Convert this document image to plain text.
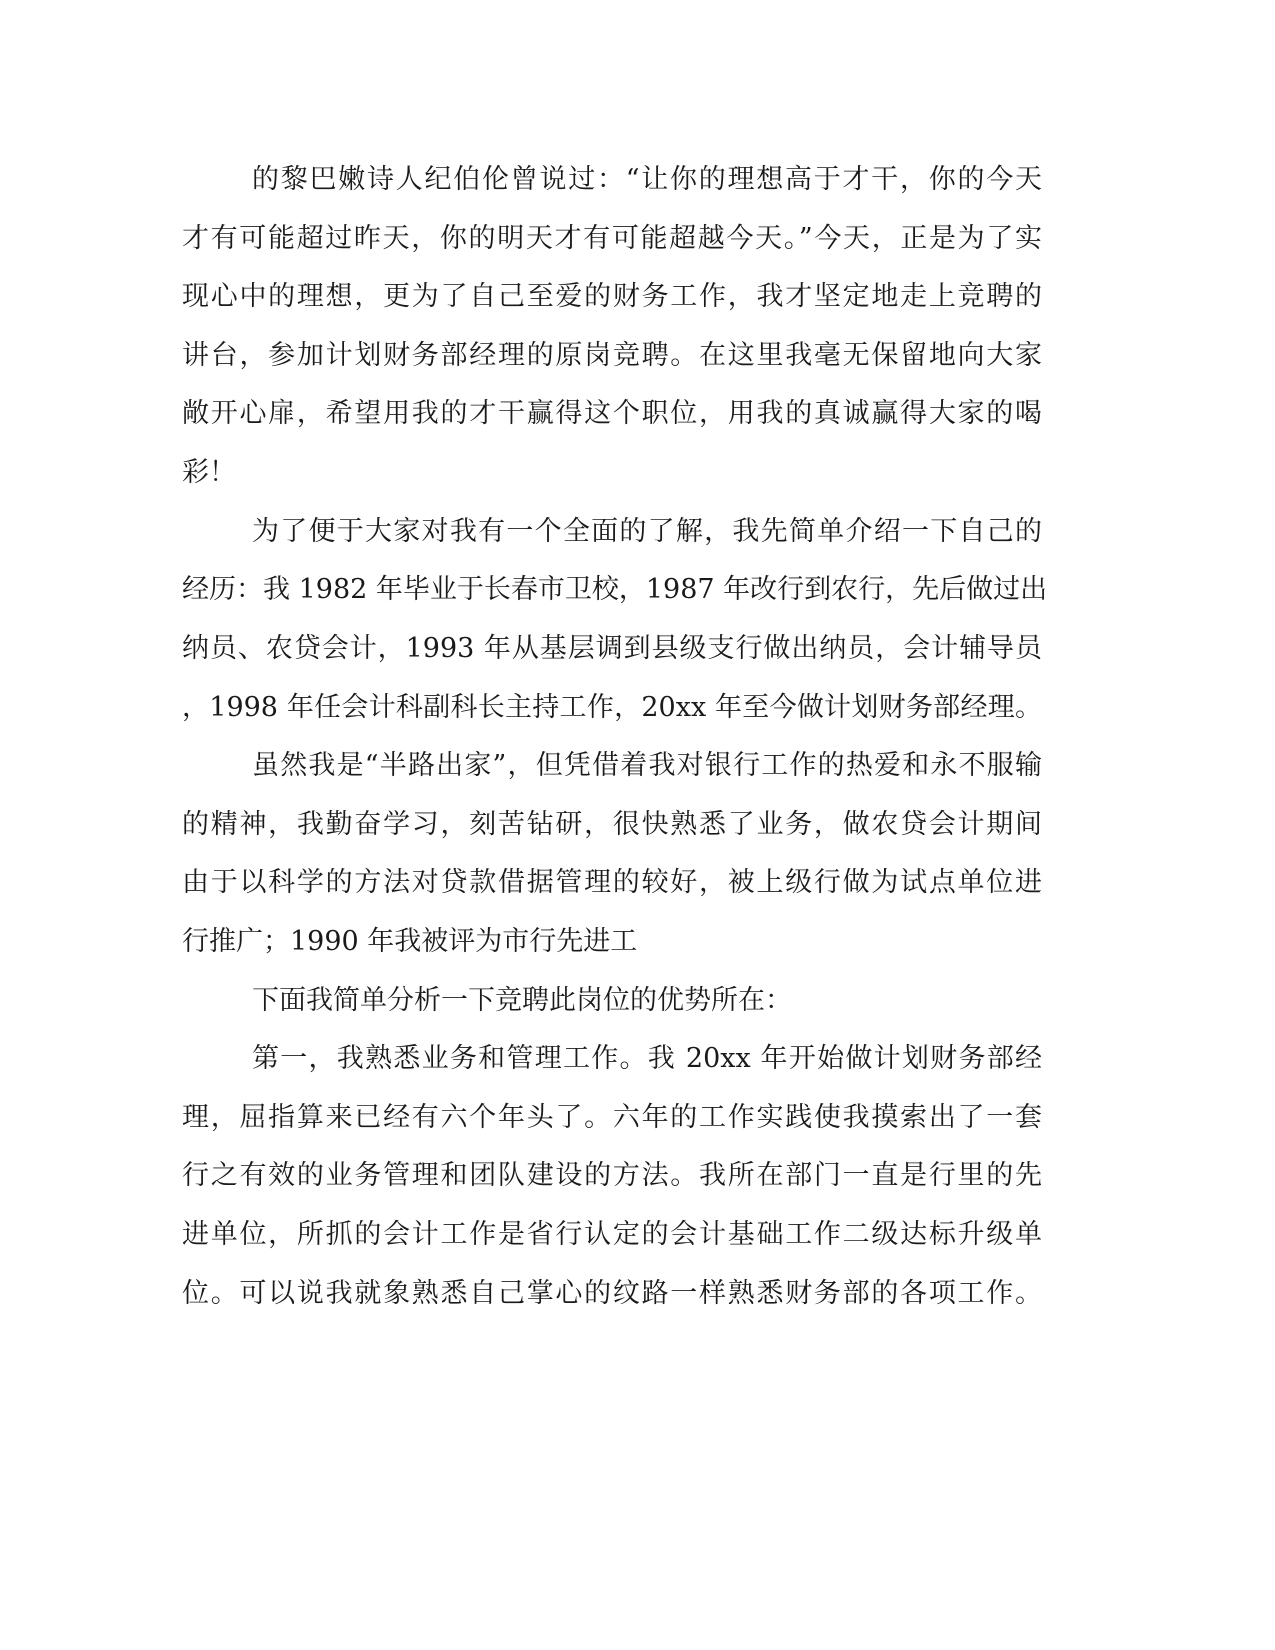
的黎巴嫩诗人纪伯伦曾说过：“让你的理想高于才干，你的今天
才有可能超过昨天，你的明天才有可能超越今天。”今天，正是为了实
现心中的理想，更为了自己至爱的财务工作，我才坚定地走上竞聘的
讲台，参加计划财务部经理的原岗竞聘。在这里我毫无保留地向大家
敞开心扉，希望用我的才干赢得这个职位，用我的真诚赢得大家的喝
彩！
为了便于大家对我有一个全面的了解，我先简单介绍一下自己的
经历：我 1982 年毕业于长春市卫校，1987 年改行到农行，先后做过出
纳员、农贷会计，1993 年从基层调到县级支行做出纳员，会计辅导员
，1998 年任会计科副科长主持工作，20xx 年至今做计划财务部经理。
虽然我是“半路出家”，但凭借着我对银行工作的热爱和永不服输
的精神，我勤奋学习，刻苦钻研，很快熟悉了业务，做农贷会计期间
由于以科学的方法对贷款借据管理的较好，被上级行做为试点单位进
行推广；1990 年我被评为市行先进工
下面我简单分析一下竞聘此岗位的优势所在：
第一，我熟悉业务和管理工作。我 20xx 年开始做计划财务部经
理，屈指算来已经有六个年头了。六年的工作实践使我摸索出了一套
行之有效的业务管理和团队建设的方法。我所在部门一直是行里的先
进单位，所抓的会计工作是省行认定的会计基础工作二级达标升级单
位。可以说我就象熟悉自己掌心的纹路一样熟悉财务部的各项工作。
